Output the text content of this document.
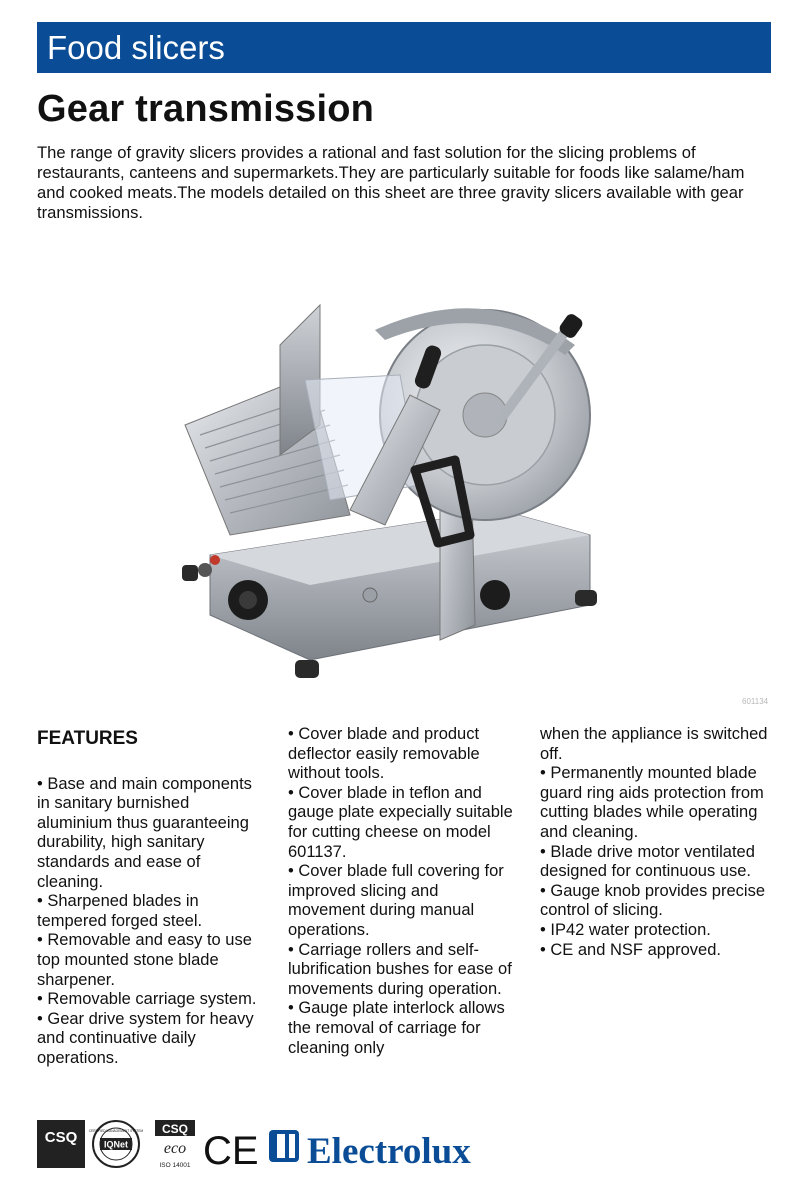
Food slicers
Gear transmission

The range of gravity slicers provides a rational and fast solution for the slicing problems of restaurants, canteens and supermarkets.They are particularly suitable for foods like salame/ham and cooked meats.The models detailed on this sheet are three gravity slicers available with gear transmissions.

601134
FEATURES

• Base and main components in sanitary burnished aluminium thus guaranteeing durability, high sanitary standards and ease of cleaning.

• Sharpened blades in tempered forged steel.

• Removable and easy to use top mounted stone blade sharpener.

• Removable carriage system.

• Gear drive system for heavy and continuative daily operations.

• Cover blade and product deflector easily removable without tools.

• Cover blade in teflon and gauge plate expecially suitable for cutting cheese on model 601137.

• Cover blade full covering for improved slicing and movement during manual operations.

• Carriage rollers and self-lubrification bushes for ease of movements during operation.

• Gauge plate interlock allows the removal of carriage for cleaning only

when the appliance is switched off.

• Permanently mounted blade guard ring aids protection from cutting blades while operating and cleaning.

• Blade drive motor ventilated designed for continuous use.

• Gauge knob provides precise control of slicing.

• IP42 water protection.

• CE and NSF approved.

CSQ	IQNet
CERTIFIED MANAGEMENT SYSTEM CSQ
eco
ISO 14001 CE Electrolux
